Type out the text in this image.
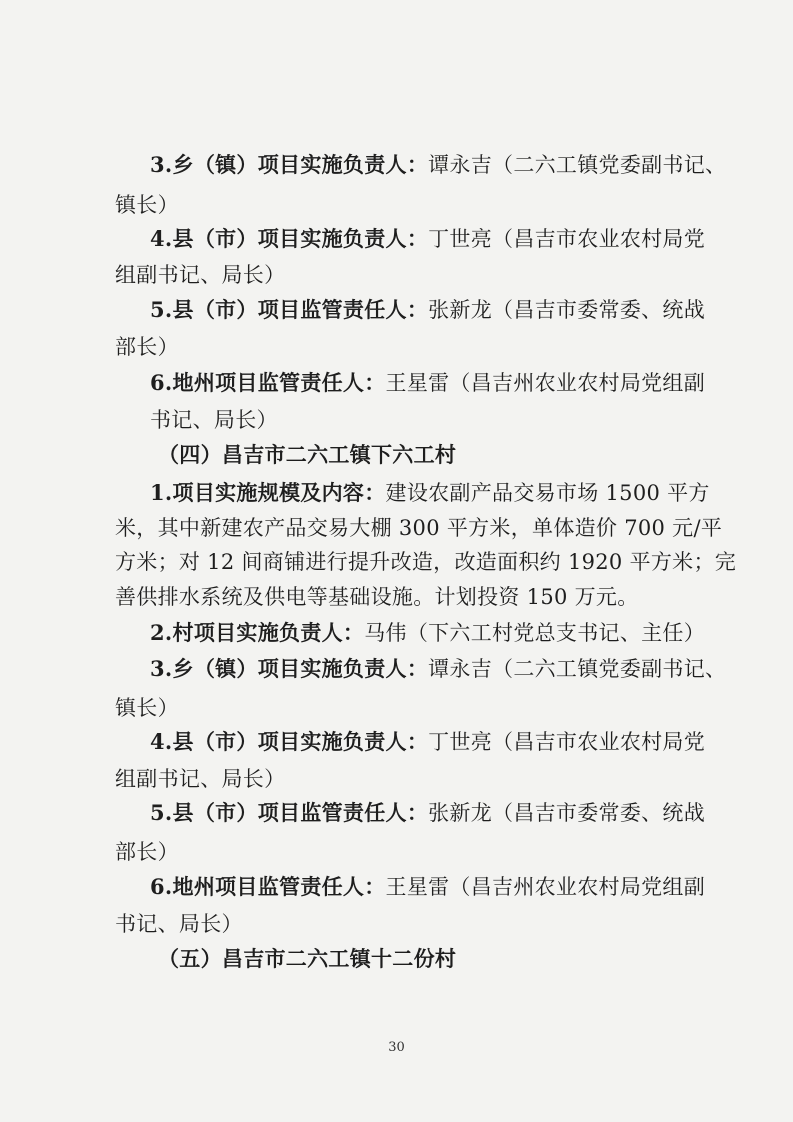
3.乡（镇）项目实施负责人：谭永吉（二六工镇党委副书记、
镇长）
4.县（市）项目实施负责人：丁世亮（昌吉市农业农村局党
组副书记、局长）
5.县（市）项目监管责任人：张新龙（昌吉市委常委、统战
部长）
6.地州项目监管责任人：王星雷（昌吉州农业农村局党组副
书记、局长）
（四）昌吉市二六工镇下六工村
1.项目实施规模及内容：建设农副产品交易市场 1500 平方
米，其中新建农产品交易大棚 300 平方米，单体造价 700 元/平
方米；对 12 间商铺进行提升改造，改造面积约 1920 平方米；完
善供排水系统及供电等基础设施。计划投资 150 万元。
2.村项目实施负责人：马伟（下六工村党总支书记、主任）
3.乡（镇）项目实施负责人：谭永吉（二六工镇党委副书记、
镇长）
4.县（市）项目实施负责人：丁世亮（昌吉市农业农村局党
组副书记、局长）
5.县（市）项目监管责任人：张新龙（昌吉市委常委、统战
部长）
6.地州项目监管责任人：王星雷（昌吉州农业农村局党组副
书记、局长）
（五）昌吉市二六工镇十二份村
30
